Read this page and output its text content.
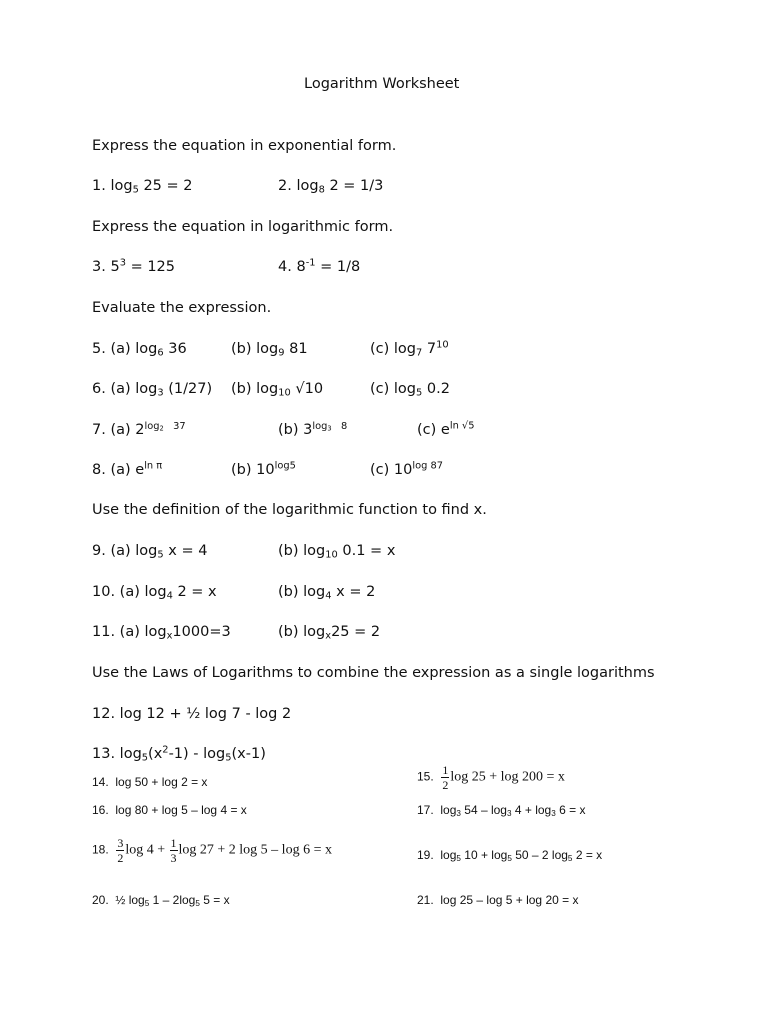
Logarithm Worksheet
Express the equation in exponential form.
1. $\log_5 25 = 2$	2. $\log_8 2 = 1/3$
Express the equation in logarithmic form.
3. $5^3 = 125$	4. $8^{-1} = 1/8$
Evaluate the expression.
5. (a) $\log_6 36$	(b) $\log_9 81$	(c) $\log_7 7^{10}$
6. (a) $\log_3 (1/27)$ (b) $\log_{10} √10$	(c) $\log_5 0.2$
7. (a) $2^{log_2 37}$	(b) $3^{log_3 8}$	(c) $e^{ln √5}$
8. (a) $e^{ln \pi}$	(b) $10^{log5}$	(c) $10^{log 87}$
Use the definition of the logarithmic function to find x.
9. (a) $\log_5 x = 4$	(b) $\log_{10} 0.1 = x$
10. (a) $\log_4 2 = x$	(b) $\log_4 x = 2$
11. (a) $\log_x1000=3$	(b) $\log_x25 = 2$
Use the Laws of Logarithms to combine the expression as a single logarithms
12. log 12 + ½ log 7 - log 2
13. $\log_5(x^2-1) - \log_5(x-1)$
14. log 50 + log 2 = x	15. $\frac{1}{2}$ log 25 + log 200 = x
16. log 80 + log 5 – log 4 = x	17. $\log_3 54 - \log_3 4 + \log_3 6 = x$
18. $\frac{3}{2}$ $\log 4 + \frac{1}{3}$ log 27 + 2 log 5 – log 6 = x	19. $\log_5 10 + \log_5 50 - 2$ $\log_5 2 = x$
20. ½ $\log_5 1 - 2\log_5$ 5 = x	21. log 25 – log 5 + log 20 = x
